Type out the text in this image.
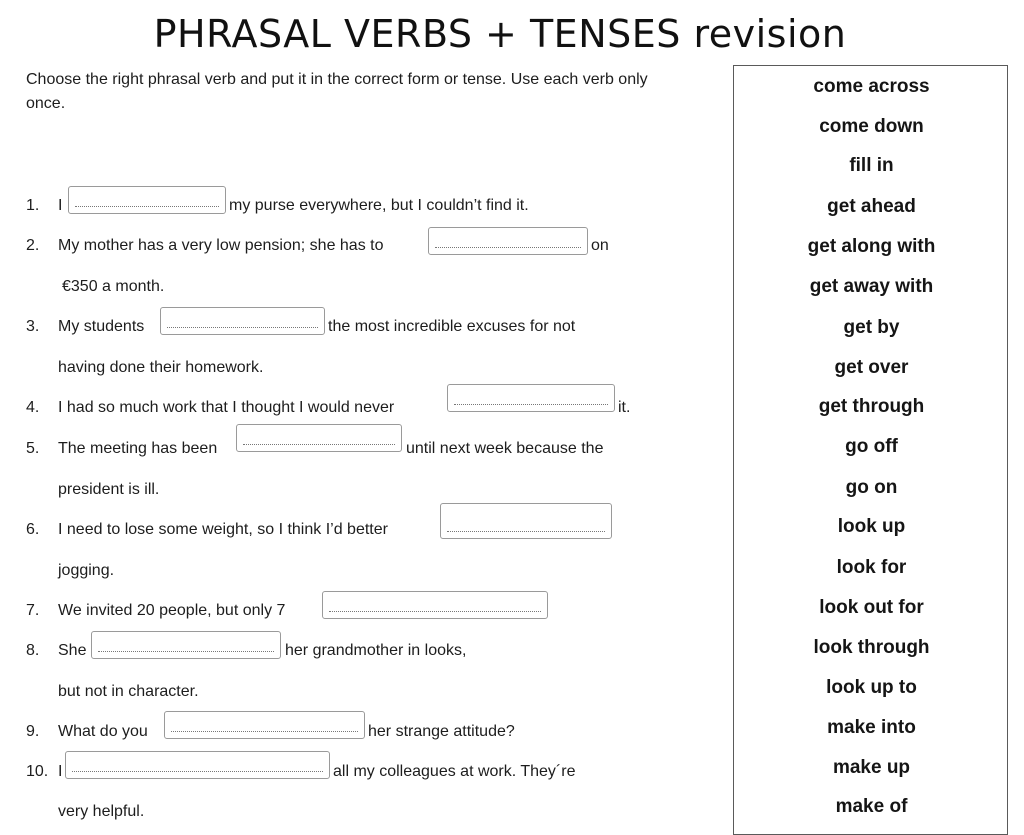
PHRASAL VERBS + TENSES revision
Choose the right phrasal verb and put it in the correct form or tense. Use each verb only once.
1. I	my purse everywhere, but I couldn’t find it.
2. My mother has a very low pension; she has to	on
€350 a month.
3. My students	the most incredible excuses for not
having done their homework.
4. I had so much work that I thought I would never	it.
5. The meeting has been	until next week because the
president is ill.
6. I need to lose some weight, so I think I’d better
jogging.
7. We invited 20 people, but only 7
8. She	her grandmother in looks,
but not in character.
9. What do you	her strange attitude?
10. I	all my colleagues at work. They´re
very helpful.
come across
come down
fill in
get ahead
get along with
get away with
get by
get over
get through
go off
go on
look up
look for
look out for
look through
look up to
make into
make up
make of
